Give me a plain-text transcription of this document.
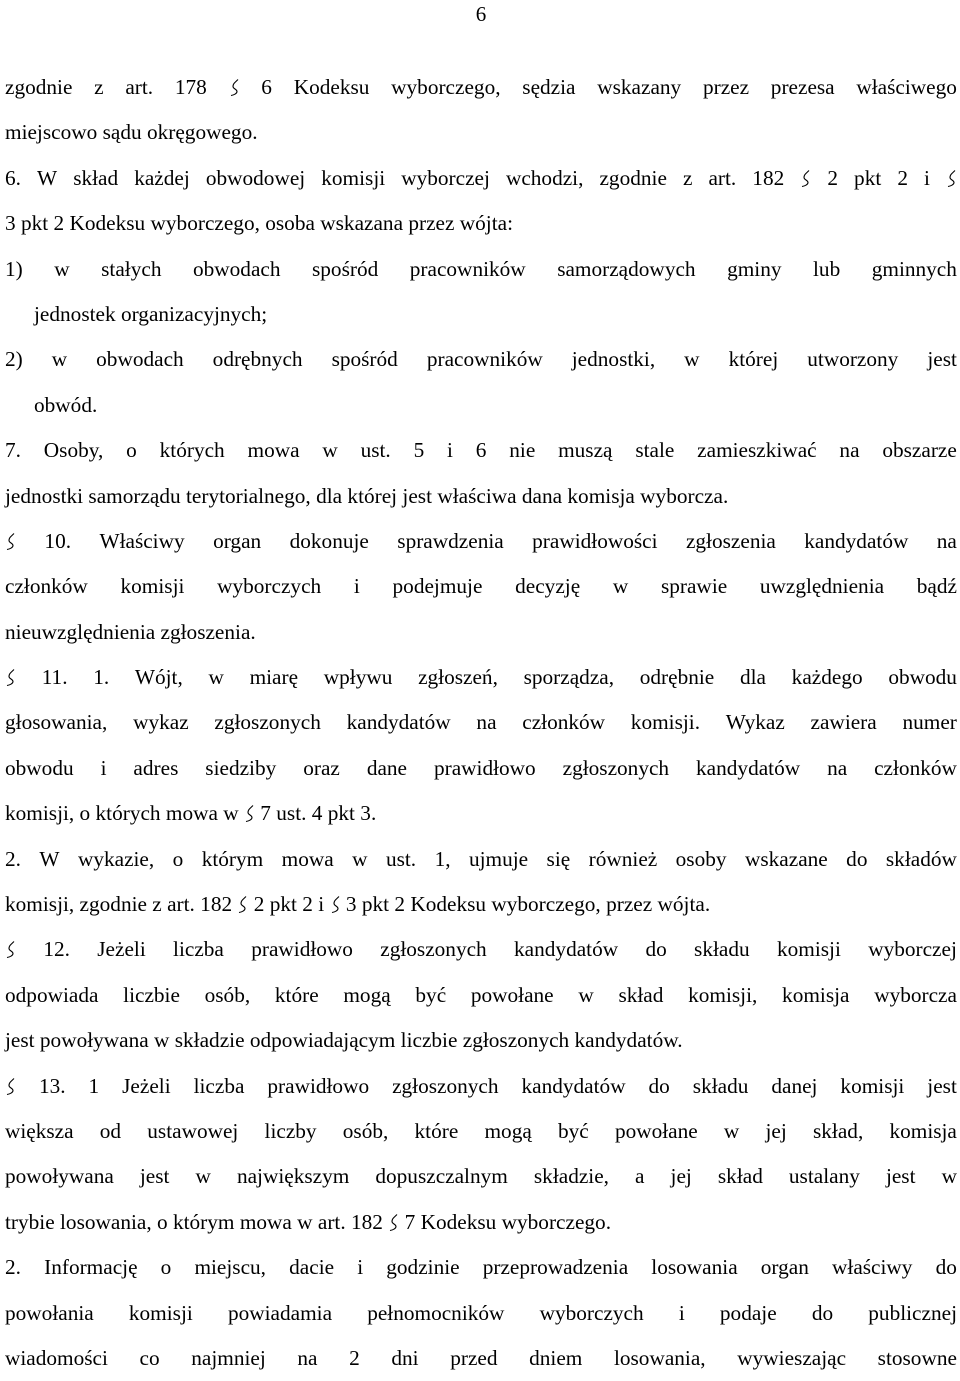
6
zgodnie z art. 178	6 Kodeksu wyborczego, sędzia wskazany przez prezesa właściwego
miejscowo sądu okręgowego.
6. W skład każdej obwodowej komisji wyborczej wchodzi, zgodnie z art. 182 2 pkt 2 i
3 pkt 2 Kodeksu wyborczego, osoba wskazana przez wójta:
1) w stałych obwodach spośród pracowników samorządowych gminy lub gminnych
jednostek organizacyjnych;
2) w obwodach odrębnych spośród pracowników jednostki, w której utworzony jest
obwód.
7. Osoby, o których mowa w ust. 5 i 6 nie muszą stale zamieszkiwać na obszarze
jednostki samorządu terytorialnego, dla której jest właściwa dana komisja wyborcza.
10. Właściwy organ dokonuje sprawdzenia prawidłowości zgłoszenia kandydatów na
członków komisji wyborczych i podejmuje decyzję w sprawie uwzględnienia bądź
nieuwzględnienia zgłoszenia.
11. 1. Wójt, w miarę wpływu zgłoszeń, sporządza, odrębnie dla każdego obwodu
głosowania, wykaz zgłoszonych kandydatów na członków komisji. Wykaz zawiera numer
obwodu i adres siedziby oraz dane prawidłowo zgłoszonych kandydatów na członków
komisji, o których mowa w
7 ust. 4 pkt 3.
2. W wykazie, o którym mowa w ust. 1, ujmuje się również osoby wskazane do składów
komisji, zgodnie z art. 182
2 pkt 2 i
3 pkt 2 Kodeksu wyborczego, przez wójta.
12. Jeżeli liczba prawidłowo zgłoszonych kandydatów do składu komisji wyborczej
odpowiada liczbie osób, które mogą być powołane w skład komisji, komisja wyborcza
jest powoływana w składzie odpowiadającym liczbie zgłoszonych kandydatów.
13. 1 Jeżeli liczba prawidłowo zgłoszonych kandydatów do składu danej komisji jest
większa od ustawowej liczby osób, które mogą być powołane w jej skład, komisja
powoływana jest w największym dopuszczalnym składzie, a jej skład ustalany jest w
trybie losowania, o którym mowa w art. 182
7 Kodeksu wyborczego.
2. Informację o miejscu, dacie i godzinie przeprowadzenia losowania organ właściwy do
powołania komisji powiadamia pełnomocników wyborczych i podaje do publicznej
wiadomości co najmniej na 2 dni przed dniem losowania, wywieszając stosowne
